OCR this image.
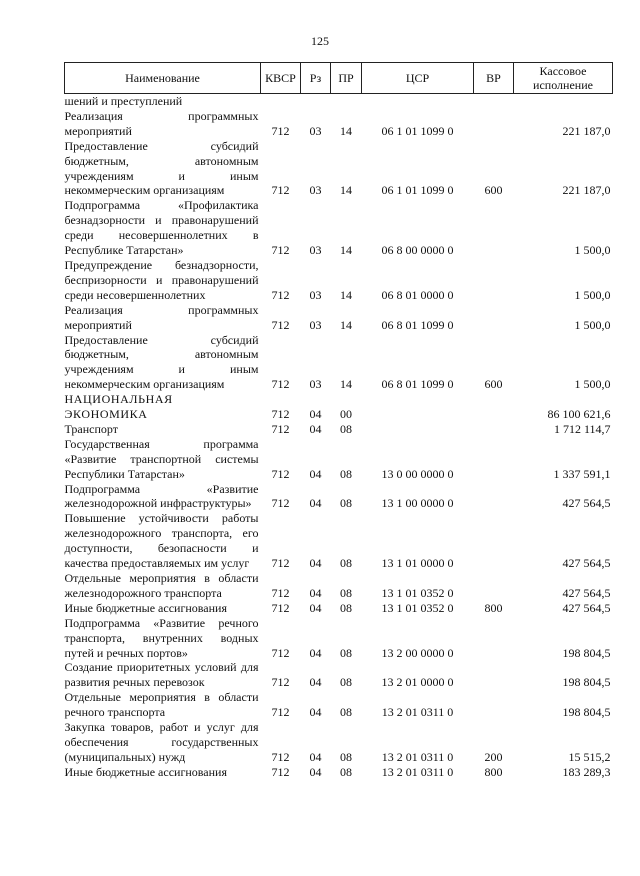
125
Наименование	КВСР	Рз	ПР	ЦСР	ВР	Кассовое
исполнение
шений и преступлений						
Реализация программных мероприятий	712	03	14	06 1 01 1099 0		221 187,0
Предоставление субсидий бюджетным, автономным учреждениям и иным некоммерческим организациям	712	03	14	06 1 01 1099 0	600	221 187,0
Подпрограмма «Профилактика безнадзорности и правонарушений среди несовершеннолетних в Республике Татарстан»	712	03	14	06 8 00 0000 0		1 500,0
Предупреждение безнадзорности, беспризорности и правонарушений среди несовершеннолетних	712	03	14	06 8 01 0000 0		1 500,0
Реализация программных мероприятий	712	03	14	06 8 01 1099 0		1 500,0
Предоставление субсидий бюджетным, автономным учреждениям и иным некоммерческим организациям	712	03	14	06 8 01 1099 0	600	1 500,0
НАЦИОНАЛЬНАЯ ЭКОНОМИКА	712	04	00			86 100 621,6
Транспорт	712	04	08			1 712 114,7
Государственная программа «Развитие транспортной системы Республики Татарстан»	712	04	08	13 0 00 0000 0		1 337 591,1
Подпрограмма «Развитие железнодорожной инфраструктуры»	712	04	08	13 1 00 0000 0		427 564,5
Повышение устойчивости работы железнодорожного транспорта, его доступности, безопасности и качества предоставляемых им услуг	712	04	08	13 1 01 0000 0		427 564,5
Отдельные мероприятия в области железнодорожного транспорта	712	04	08	13 1 01 0352 0		427 564,5
Иные бюджетные ассигнования	712	04	08	13 1 01 0352 0	800	427 564,5
Подпрограмма «Развитие речного транспорта, внутренних водных путей и речных портов»	712	04	08	13 2 00 0000 0		198 804,5
Создание приоритетных условий для развития речных перевозок	712	04	08	13 2 01 0000 0		198 804,5
Отдельные мероприятия в области речного транспорта	712	04	08	13 2 01 0311 0		198 804,5
Закупка товаров, работ и услуг для обеспечения государственных (муниципальных) нужд	712	04	08	13 2 01 0311 0	200	15 515,2
Иные бюджетные ассигнования	712	04	08	13 2 01 0311 0	800	183 289,3
